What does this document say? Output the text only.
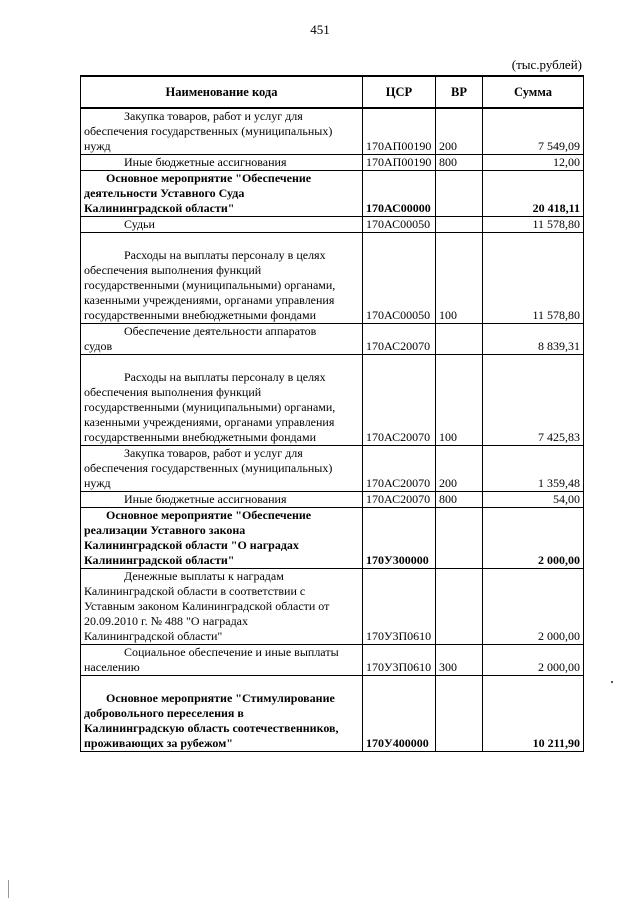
451
(тыс.рублей)
Наименование кода	ЦСР	ВР	Сумма

Закупка товаров, работ и услуг для
обеспечения государственных (муниципальных)
нужд	170АП00190	200	7 549,09

Иные бюджетные ассигнования	170АП00190	800	12,00

Основное мероприятие "Обеспечение
деятельности Уставного Суда
Калининградской области"	170АС00000		20 418,11

Судьи	170АС00050		11 578,80

Расходы на выплаты персоналу в целях
обеспечения выполнения функций
государственными (муниципальными) органами,
казенными учреждениями, органами управления
государственными внебюджетными фондами	170АС00050	100	11 578,80

Обеспечение деятельности аппаратов
судов	170АС20070		8 839,31

Расходы на выплаты персоналу в целях
обеспечения выполнения функций
государственными (муниципальными) органами,
казенными учреждениями, органами управления
государственными внебюджетными фондами	170АС20070	100	7 425,83

Закупка товаров, работ и услуг для
обеспечения государственных (муниципальных)
нужд	170АС20070	200	1 359,48

Иные бюджетные ассигнования	170АС20070	800	54,00

Основное мероприятие "Обеспечение
реализации Уставного закона
Калининградской области "О наградах
Калининградской области"	170У300000		2 000,00

Денежные выплаты к наградам
Калининградской области в соответствии с
Уставным законом Калининградской области от
20.09.2010 г. № 488 "О наградах
Калининградской области"	170У3П0610		2 000,00

Социальное обеспечение и иные выплаты
населению	170У3П0610	300	2 000,00

Основное мероприятие "Стимулирование
добровольного переселения в
Калининградскую область соотечественников,
проживающих за рубежом"	170У400000		10 211,90
